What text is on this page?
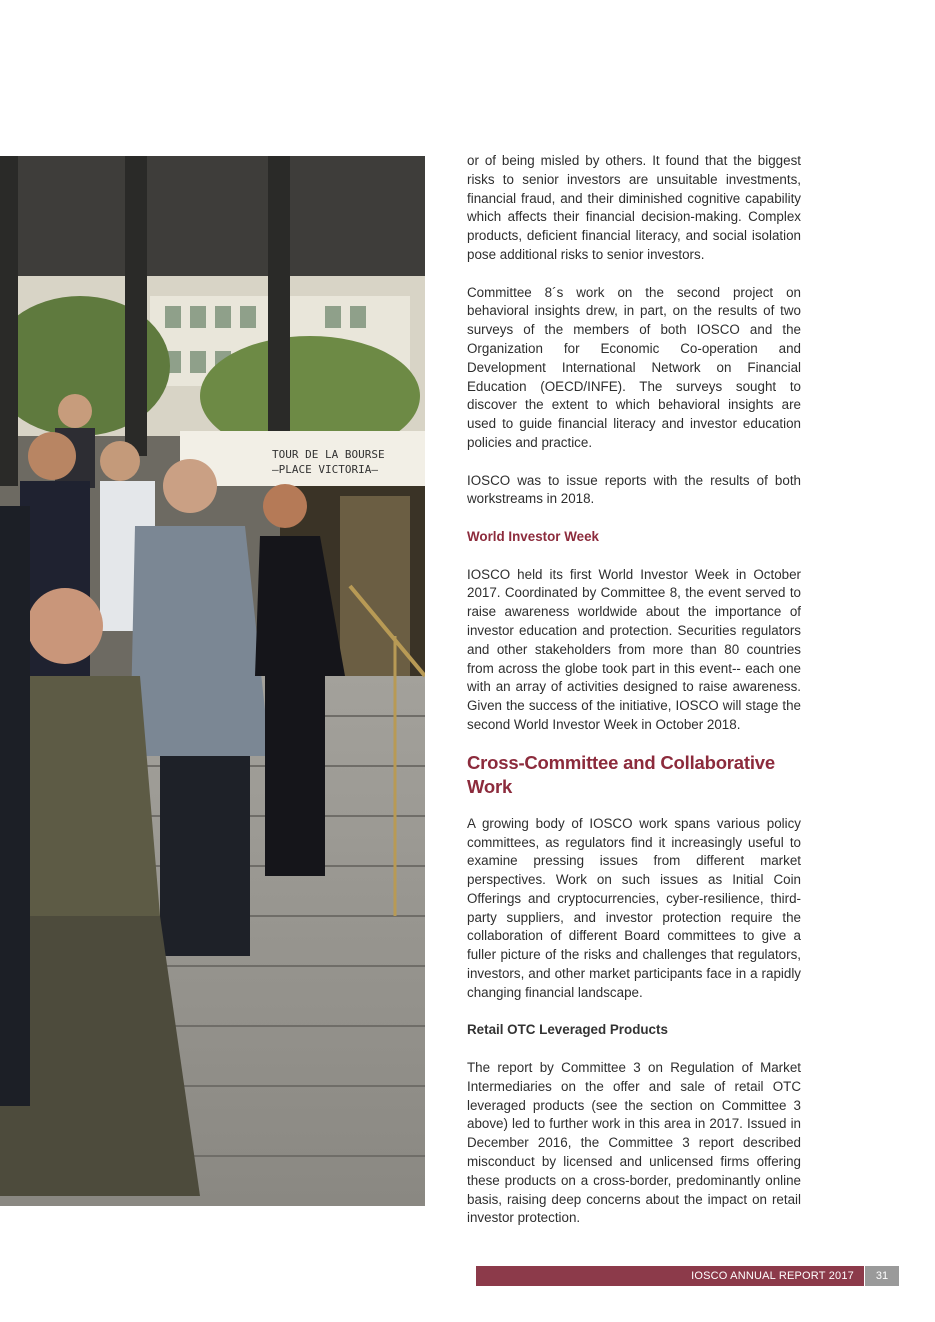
TOUR DE LA BOURSE
—PLACE VICTORIA—

or of being misled by others. It found that the biggest risks to senior investors are unsuitable investments, financial fraud, and their diminished cognitive capability which affects their financial decision-making. Complex products, deficient financial literacy, and social isolation pose additional risks to senior investors.

Committee 8´s work on the second project on behavioral insights drew, in part, on the results of two surveys of the members of both IOSCO and the Organization for Economic Co-operation and Development International Network on Financial Education (OECD/INFE). The surveys sought to discover the extent to which behavioral insights are used to guide financial literacy and investor education policies and practice.

IOSCO was to issue reports with the results of both workstreams in 2018.

World Investor Week

IOSCO held its first World Investor Week in October 2017. Coordinated by Committee 8, the event served to raise awareness worldwide about the importance of investor education and protection. Securities regulators and other stakeholders from more than 80 countries from across the globe took part in this event-- each one with an array of activities designed to raise awareness. Given the success of the initiative, IOSCO will stage the second World Investor Week in October 2018.

Cross-Committee and Collaborative Work

A growing body of IOSCO work spans various policy committees, as regulators find it increasingly useful to examine pressing issues from different market perspectives. Work on such issues as Initial Coin Offerings and cryptocurrencies, cyber-resilience, third-party suppliers, and investor protection require the collaboration of different Board committees to give a fuller picture of the risks and challenges that regulators, investors, and other market participants face in a rapidly changing financial landscape.

Retail OTC Leveraged Products

The report by Committee 3 on Regulation of Market Intermediaries on the offer and sale of retail OTC leveraged products (see the section on Committee 3 above) led to further work in this area in 2017. Issued in December 2016, the Committee 3 report described misconduct by licensed and unlicensed firms offering these products on a cross-border, predominantly online basis, raising deep concerns about the impact on retail investor protection.

IOSCO ANNUAL REPORT 2017	31
